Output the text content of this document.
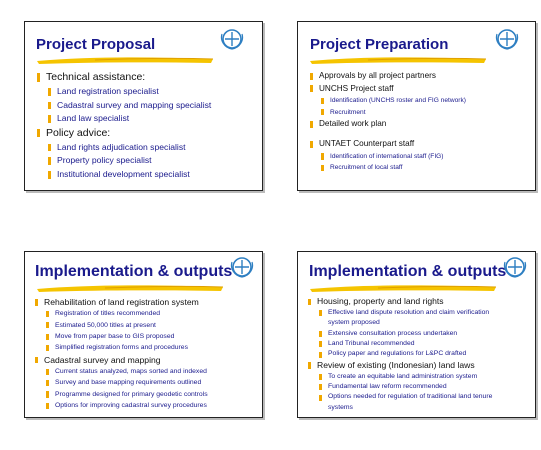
Project Proposal
Technical assistance:
Land registration specialist
Cadastral survey and mapping specialist
Land law specialist
Policy advice:
Land rights adjudication specialist
Property policy specialist
Institutional development specialist
Project Preparation
Approvals by all project partners
UNCHS Project staff
Identification (UNCHS roster and FIG network)
Recruitment
Detailed work plan
UNTAET Counterpart staff
Identification of international staff (FIG)
Recruitment of local staff
Implementation & outputs
Rehabilitation of land registration system
Registration of titles recommended
Estimated 50,000 titles at present
Move from paper base to GIS proposed
Simplified registration forms and procedures
Cadastral survey and mapping
Current status analyzed, maps sorted and indexed
Survey and base mapping requirements outlined
Programme designed for primary geodetic controls
Options for improving cadastral survey procedures
Implementation & outputs
Housing, property and land rights
Effective land dispute resolution and claim verification system proposed
Extensive consultation process undertaken
Land Tribunal recommended
Policy paper and regulations for L&PC drafted
Review of existing (Indonesian) land laws
To create an equitable land administration system
Fundamental law reform recommended
Options needed for regulation of traditional land tenure systems
